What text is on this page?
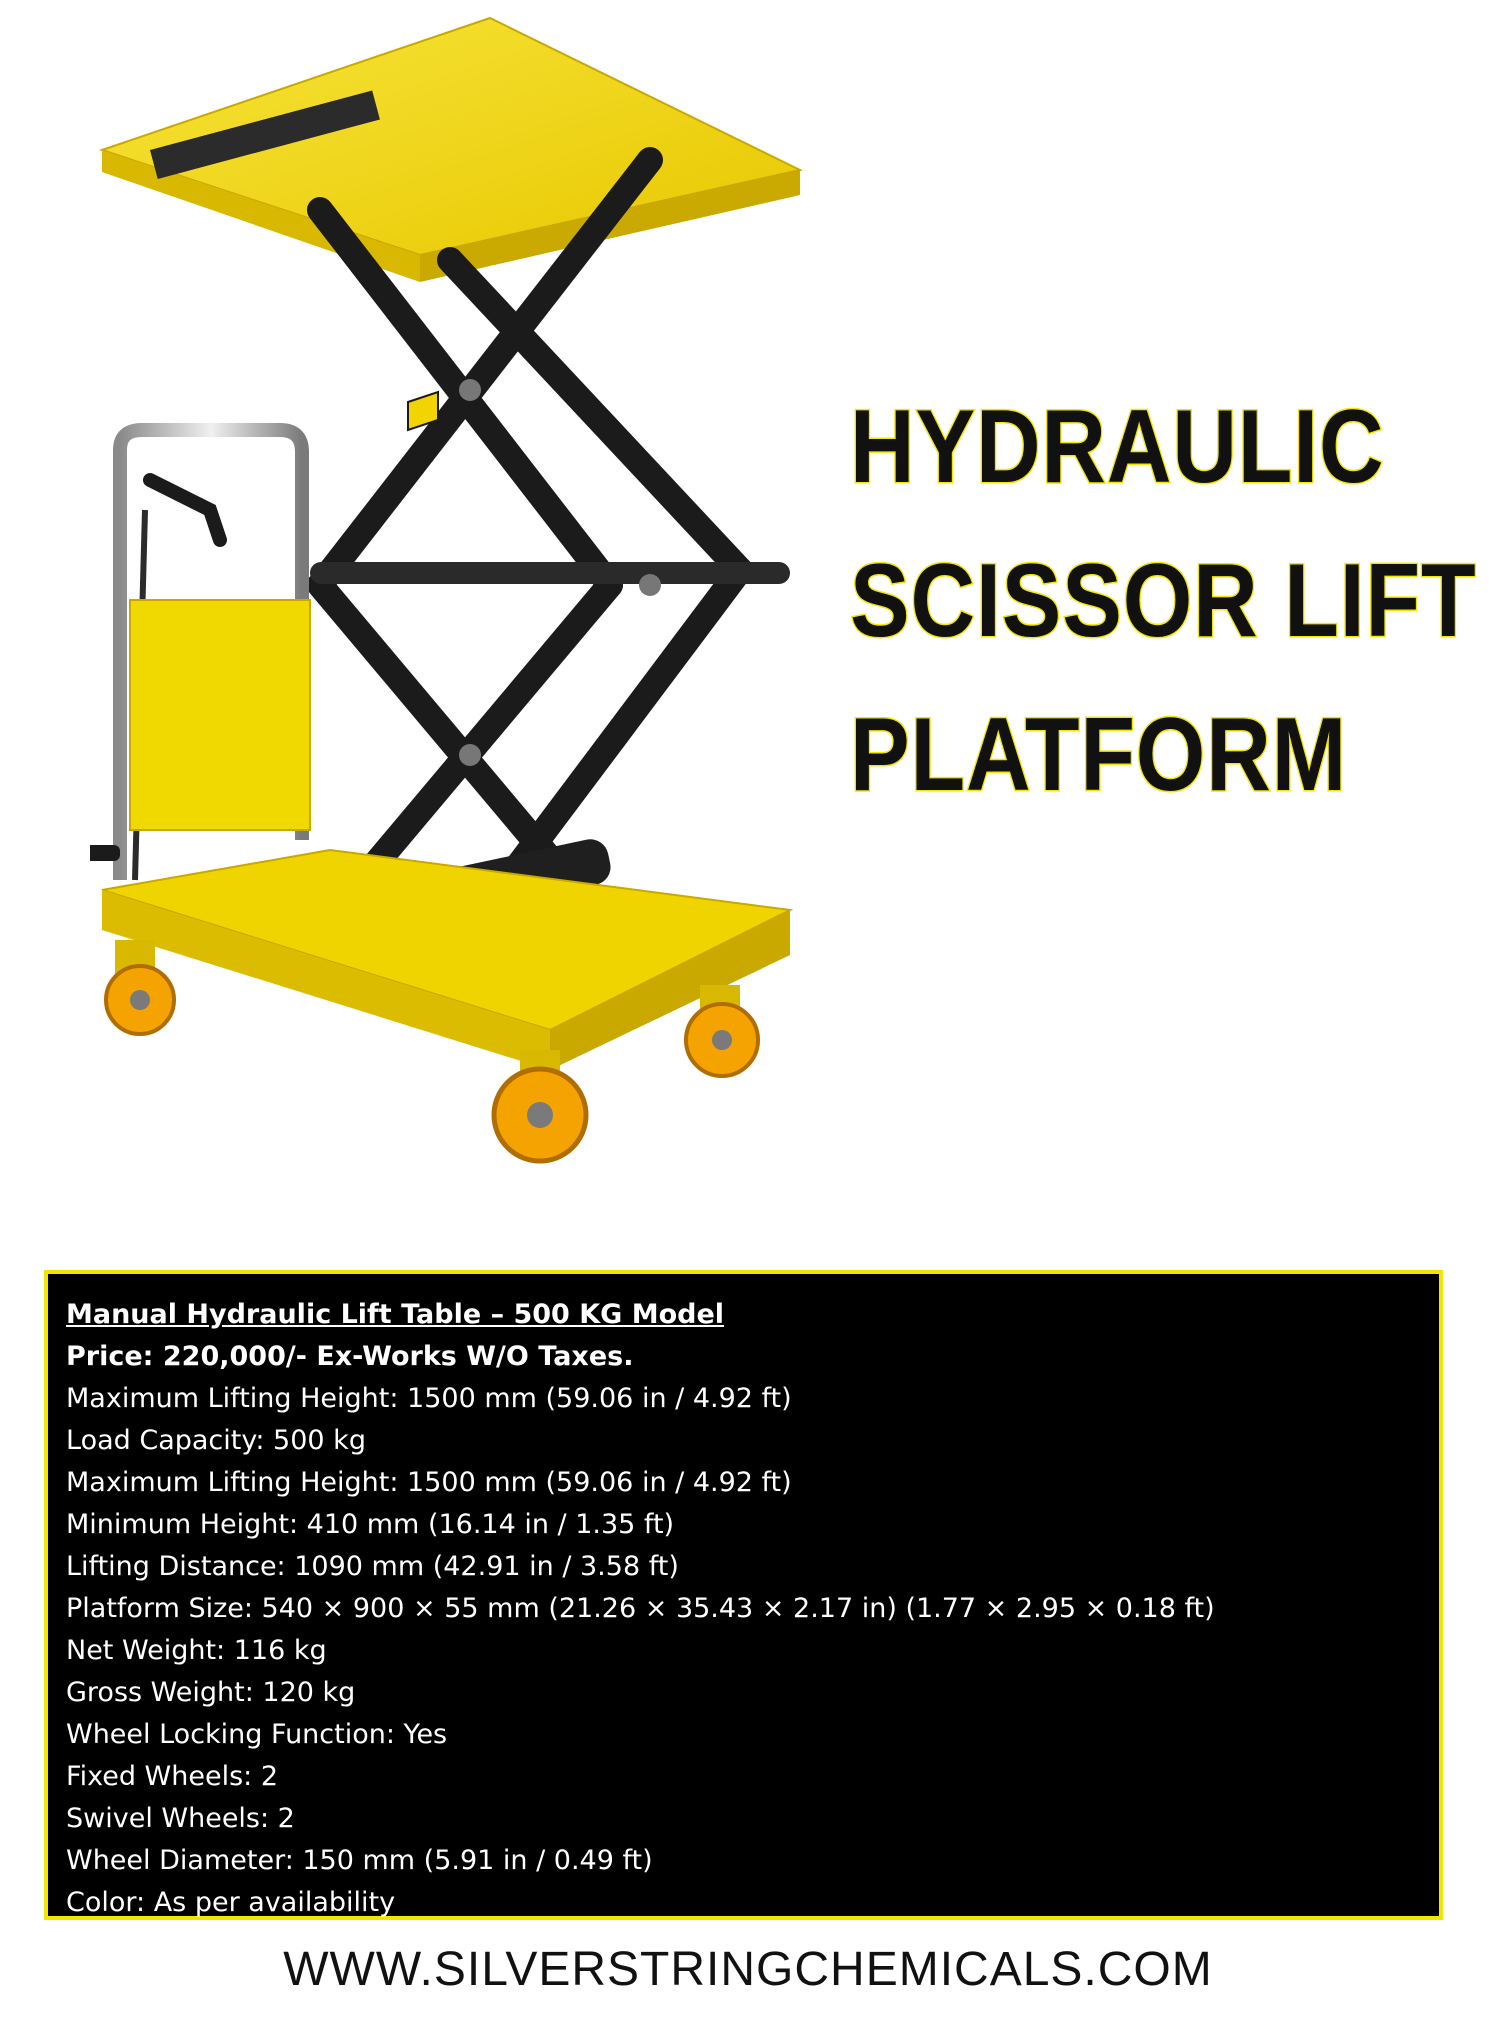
HYDRAULIC
SCISSOR LIFT
PLATFORM
Manual Hydraulic Lift Table – 500 KG Model
Price: 220,000/- Ex-Works W/O Taxes.
Maximum Lifting Height: 1500 mm (59.06 in / 4.92 ft)
Load Capacity: 500 kg
Maximum Lifting Height: 1500 mm (59.06 in / 4.92 ft)
Minimum Height: 410 mm (16.14 in / 1.35 ft)
Lifting Distance: 1090 mm (42.91 in / 3.58 ft)
Platform Size: 540 × 900 × 55 mm (21.26 × 35.43 × 2.17 in) (1.77 × 2.95 × 0.18 ft)
Net Weight: 116 kg
Gross Weight: 120 kg
Wheel Locking Function: Yes
Fixed Wheels: 2
Swivel Wheels: 2
Wheel Diameter: 150 mm (5.91 in / 0.49 ft)
Color: As per availability
WWW.SILVERSTRINGCHEMICALS.COM
